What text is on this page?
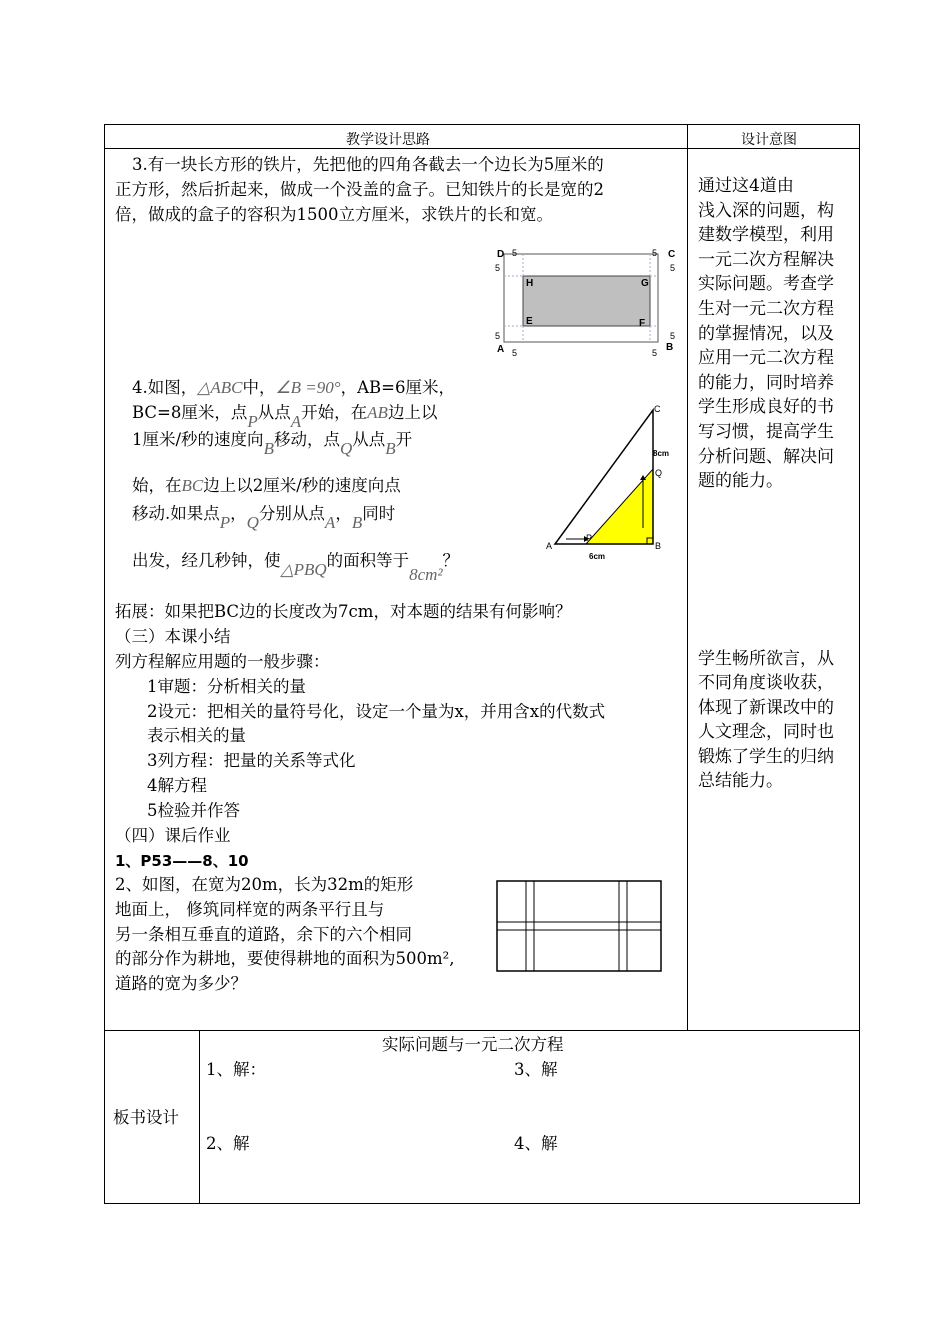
教学设计思路	设计意图
3.有一块长方形的铁片，先把他的四角各截去一个边长为5厘米的
正方形，然后折起来，做成一个没盖的盒子。已知铁片的长是宽的2
倍，做成的盒子的容积为1500立方厘米，求铁片的长和宽。
D	C
A	B
H	G
E	F
5	5
5	5
5	5
5	5
4.如图，△ABC中，∠B =90°，AB=6厘米，
BC=8厘米，点P从点A开始，在AB边上以
1厘米/秒的速度向B移动，点Q从点B开
始，在BC边上以2厘米/秒的速度向点
移动.如果点P，Q分别从点A，B同时
出发，经几秒钟，使△PBQ的面积等于8cm²？
A	B
C
P
Q
6cm
8cm
拓展：如果把BC边的长度改为7cm，对本题的结果有何影响？
（三）本课小结
列方程解应用题的一般步骤：
1审题：分析相关的量
2设元：把相关的量符号化，设定一个量为x，并用含x的代数式
表示相关的量
3列方程：把量的关系等式化
4解方程
5检验并作答
（四）课后作业
1、P53——8、10
2、如图，在宽为20m，长为32m的矩形
地面上， 修筑同样宽的两条平行且与
另一条相互垂直的道路，余下的六个相同
的部分作为耕地，要使得耕地的面积为500m²,
道路的宽为多少？
通过这4道由
浅入深的问题，构
建数学模型，利用
一元二次方程解决
实际问题。考查学
生对一元二次方程
的掌握情况，以及
应用一元二次方程
的能力，同时培养
学生形成良好的书
写习惯，提高学生
分析问题、解决问
题的能力。
学生畅所欲言，从
不同角度谈收获，
体现了新课改中的
人文理念，同时也
锻炼了学生的归纳
总结能力。
板书设计
实际问题与一元二次方程
1、解：	3、解
2、解	4、解
